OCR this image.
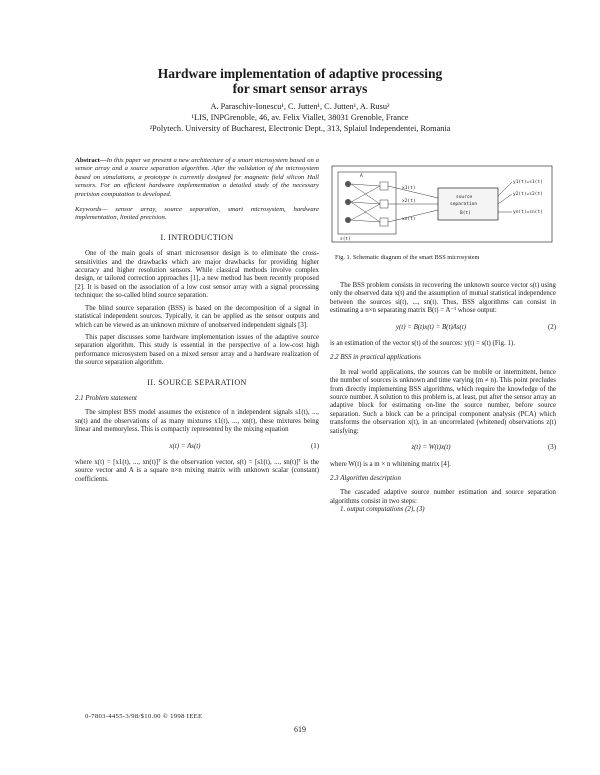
Hardware implementation of adaptive processing
for smart sensor arrays
A. Paraschiv-Ionescu¹, C. Jutten¹, C. Jutten¹, A. Rusu²
¹LIS, INPGrenoble, 46, av. Felix Viallet, 38031 Grenoble, France
²Polytech. University of Bucharest, Electronic Dept., 313, Splaiul Independentei, Romania

Abstract—In this paper we present a new architecture of a smart microsystem based on a sensor array and a source separation algorithm. After the validation of the microsystem based on simulations, a prototype is currently designed for magnetic field silicon Hall sensors. For an efficient hardware implementation a detailed study of the necessary precision computation is developed.

Keywords— sensor array, source separation, smart microsystem, hardware implementation, limited precision.

I. INTRODUCTION

One of the main goals of smart microsensor design is to eliminate the cross-sensitivities and the drawbacks which are major drawbacks for providing higher accuracy and higher resolution sensors. While classical methods involve complex design, or tailored correction approaches [1], a new method has been recently proposed [2]. It is based on the association of a low cost sensor array with a signal processing technique: the so-called blind source separation.

The blind source separation (BSS) is based on the decomposition of a signal in statistical independent sources. Typically, it can be applied as the sensor outputs and which can be viewed as an unknown mixture of unobserved independent signals [3].

This paper discusses some hardware implementation issues of the adaptive source separation algorithm. This study is essential in the perspective of a low-cost high performance microsystem based on a mixed sensor array and a hardware realization of the source separation algorithm.

II. SOURCE SEPARATION
2.1 Problem statement

The simplest BSS model assumes the existence of n independent signals s1(t), ..., sn(t) and the observations of as many mixtures x1(t), ..., xn(t), these mixtures being linear and memoryless. This is compactly represented by the mixing equation

x(t) = As(t)	(1)

where x(t) = [x1(t), ..., xn(t)]ᵀ is the observation vector, s(t) = [s1(t), ..., sn(t)]ᵀ is the source vector and A is a square n×n mixing matrix with unknown scalar (constant) coefficients.

A
s(t)
x1(t)
x2(t)
xn(t)
source
separation
B(t)
y1(t)=s1(t)
y2(t)=s2(t)
yn(t)=sn(t)
Fig. 1. Schematic diagram of the smart BSS microsystem

The BSS problem consists in recovering the unknown source vector s(t) using only the observed data x(t) and the assumption of mutual statistical independence between the sources si(t), ..., sn(t). Thus, BSS algorithms can consist in estimating a n×n separating matrix B(t) = A⁻¹ whose output:

y(t) = B(t)x(t) = B(t)As(t)	(2)

is an estimation of the vector s(t) of the sources: y(t) = s(t) (Fig. 1).

2.2 BSS in practical applications

In real world applications, the sources can be mobile or intermittent, hence the number of sources is unknown and time varying (m ≠ n). This point precludes from directly implementing BSS algorithms, which require the knowledge of the source number. A solution to this problem is, at least, put after the sensor array an adaptive block for estimating on-line the source number, before source separation. Such a block can be a principal component analysis (PCA) which transforms the observation x(t), in an uncorrelated (whitened) observations z(t) satisfying:

z(t) = W(t)x(t)	(3)

where W(t) is a m × n whitening matrix [4].

2.3 Algorithm description

The cascaded adaptive source number estimation and source separation algorithms consist in two steps:

1. output computations (2), (3)

0-7803-4455-3/98/$10.00 © 1998 IEEE
619
